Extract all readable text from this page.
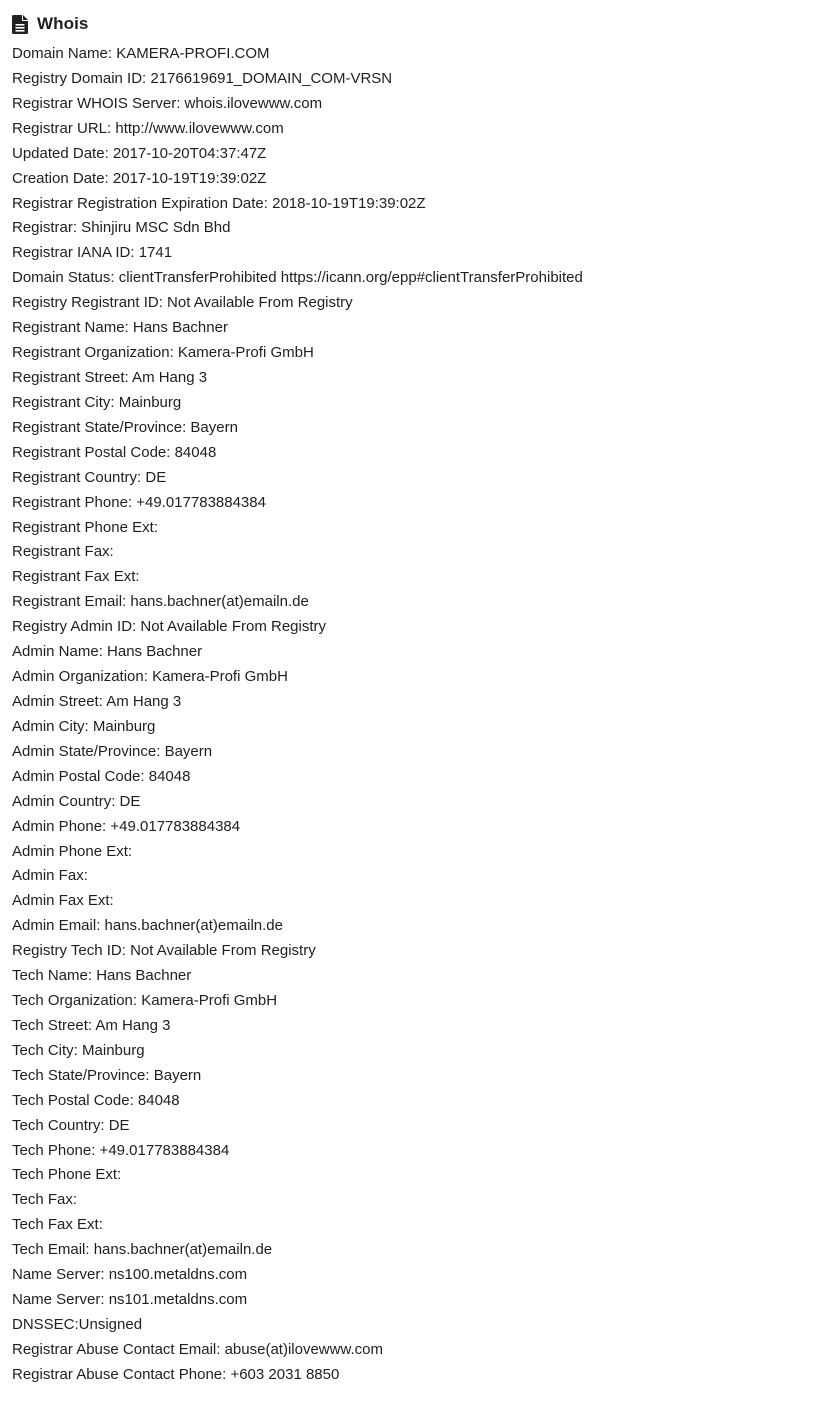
Whois
Domain Name: KAMERA-PROFI.COM
Registry Domain ID: 2176619691_DOMAIN_COM-VRSN
Registrar WHOIS Server: whois.ilovewww.com
Registrar URL: http://www.ilovewww.com
Updated Date: 2017-10-20T04:37:47Z
Creation Date: 2017-10-19T19:39:02Z
Registrar Registration Expiration Date: 2018-10-19T19:39:02Z
Registrar: Shinjiru MSC Sdn Bhd
Registrar IANA ID: 1741
Domain Status: clientTransferProhibited https://icann.org/epp#clientTransferProhibited
Registry Registrant ID: Not Available From Registry
Registrant Name: Hans Bachner
Registrant Organization: Kamera-Profi GmbH
Registrant Street: Am Hang 3
Registrant City: Mainburg
Registrant State/Province: Bayern
Registrant Postal Code: 84048
Registrant Country: DE
Registrant Phone: +49.017783884384
Registrant Phone Ext:
Registrant Fax:
Registrant Fax Ext:
Registrant Email: hans.bachner(at)emailn.de
Registry Admin ID: Not Available From Registry
Admin Name: Hans Bachner
Admin Organization: Kamera-Profi GmbH
Admin Street: Am Hang 3
Admin City: Mainburg
Admin State/Province: Bayern
Admin Postal Code: 84048
Admin Country: DE
Admin Phone: +49.017783884384
Admin Phone Ext:
Admin Fax:
Admin Fax Ext:
Admin Email: hans.bachner(at)emailn.de
Registry Tech ID: Not Available From Registry
Tech Name: Hans Bachner
Tech Organization: Kamera-Profi GmbH
Tech Street: Am Hang 3
Tech City: Mainburg
Tech State/Province: Bayern
Tech Postal Code: 84048
Tech Country: DE
Tech Phone: +49.017783884384
Tech Phone Ext:
Tech Fax:
Tech Fax Ext:
Tech Email: hans.bachner(at)emailn.de
Name Server: ns100.metaldns.com
Name Server: ns101.metaldns.com
DNSSEC:Unsigned
Registrar Abuse Contact Email: abuse(at)ilovewww.com
Registrar Abuse Contact Phone: +603 2031 8850
